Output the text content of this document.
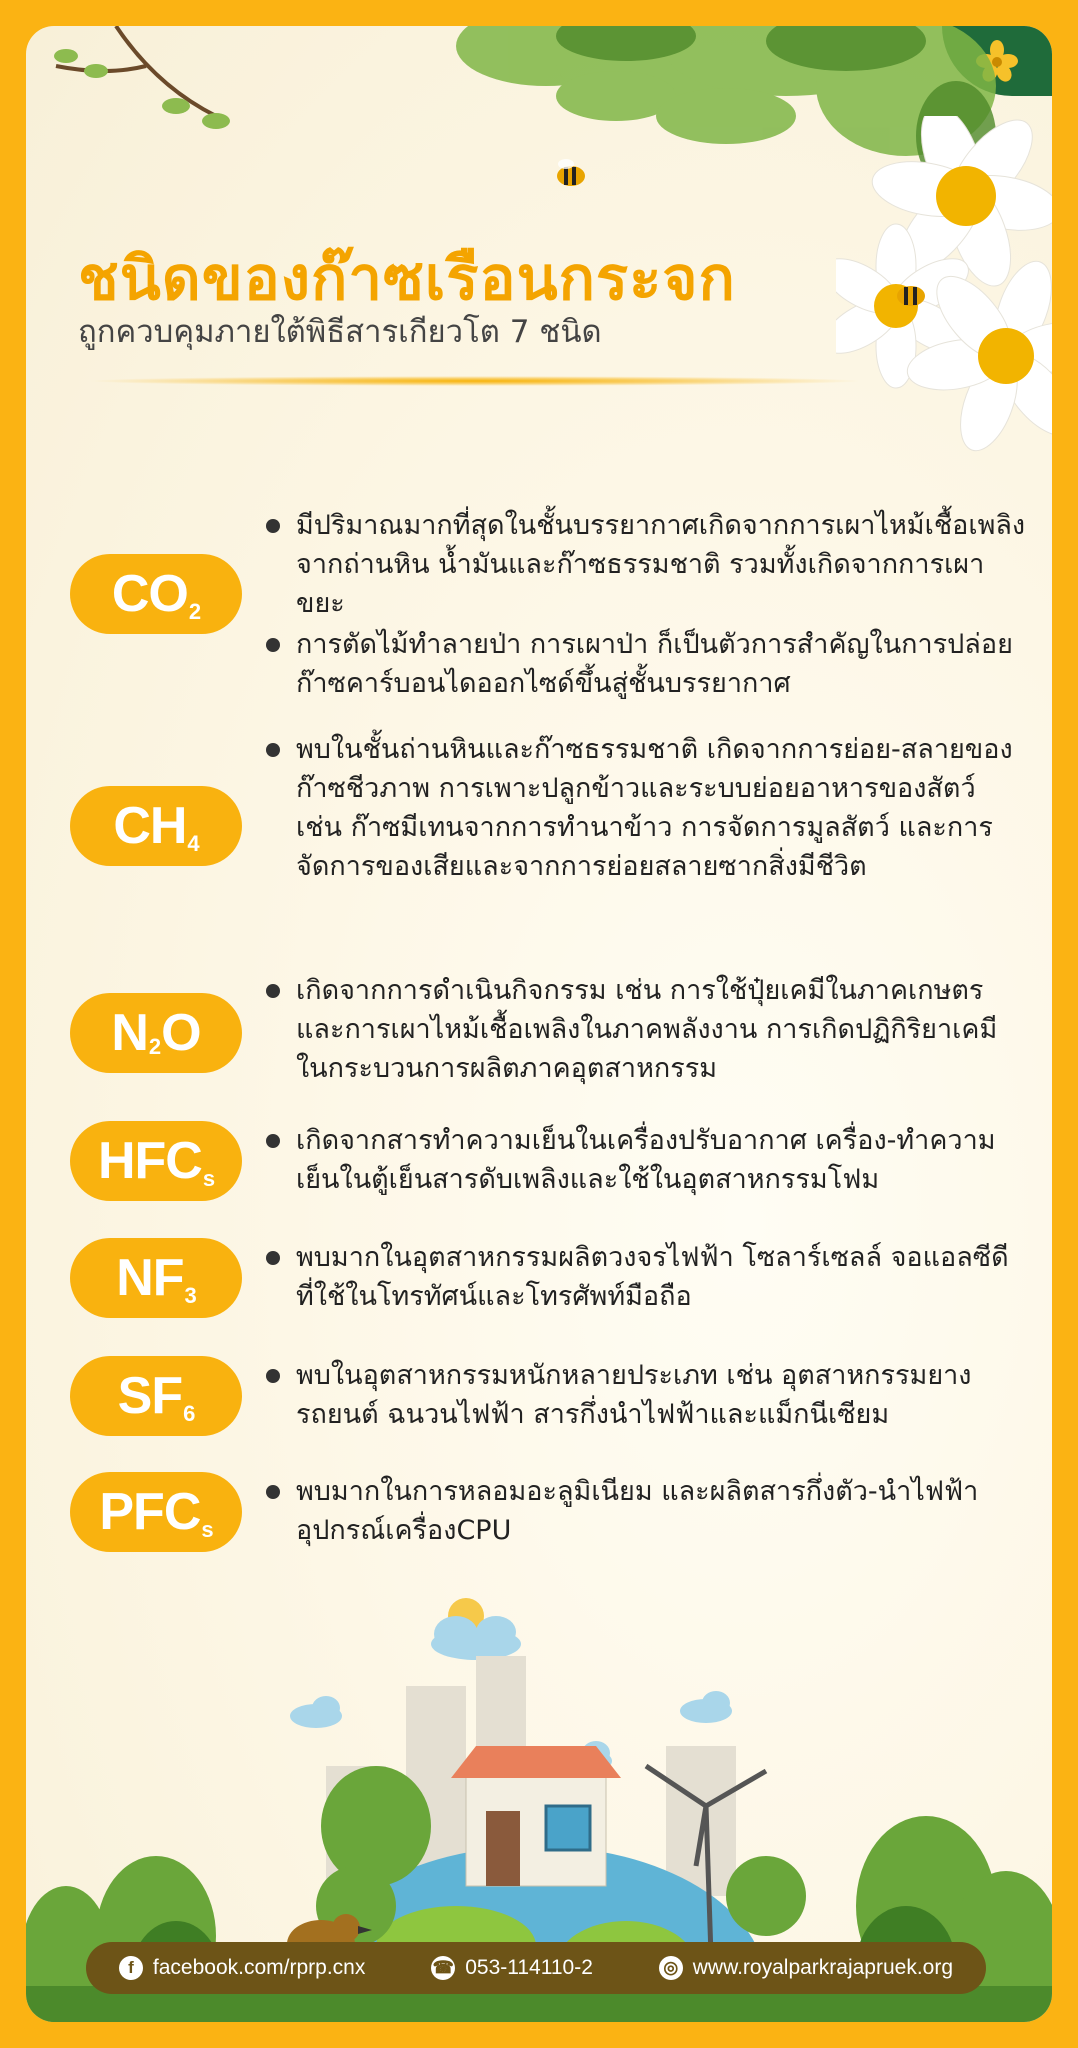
ชนิดของก๊าซเรือนกระจก

ถูกควบคุมภายใต้พิธีสารเกียวโต 7 ชนิด

CO 2
มีปริมาณมากที่สุดในชั้นบรรยากาศเกิดจากการเผาไหม้เชื้อเพลิงจากถ่านหิน น้ำมันและก๊าซธรรมชาติ รวมทั้งเกิดจากการเผาขยะ
การตัดไม้ทำลายป่า การเผาป่า ก็เป็นตัวการสำคัญในการปล่อยก๊าซคาร์บอนไดออกไซด์ขึ้นสู่ชั้นบรรยากาศ
CH 4
พบในชั้นถ่านหินและก๊าซธรรมชาติ เกิดจากการย่อย-สลายของก๊าซชีวภาพ การเพาะปลูกข้าวและระบบย่อยอาหารของสัตว์ เช่น ก๊าซมีเทนจากการทำนาข้าว การจัดการมูลสัตว์ และการจัดการของเสียและจากการย่อยสลายซากสิ่งมีชีวิต
N 2 O
เกิดจากการดำเนินกิจกรรม เช่น การใช้ปุ๋ยเคมีในภาคเกษตร และการเผาไหม้เชื้อเพลิงในภาคพลังงาน การเกิดปฏิกิริยาเคมีในกระบวนการผลิตภาคอุตสาหกรรม
HFC s
เกิดจากสารทำความเย็นในเครื่องปรับอากาศ เครื่อง-ทำความเย็นในตู้เย็นสารดับเพลิงและใช้ในอุตสาหกรรมโฟม
NF 3
พบมากในอุตสาหกรรมผลิตวงจรไฟฟ้า โซลาร์เซลล์ จอแอลซีดีที่ใช้ในโทรทัศน์และโทรศัพท์มือถือ
SF 6
พบในอุตสาหกรรมหนักหลายประเภท เช่น อุตสาหกรรมยางรถยนต์ ฉนวนไฟฟ้า สารกึ่งนำไฟฟ้าและแม็กนีเซียม
PFC s
พบมากในการหลอมอะลูมิเนียม และผลิตสารกึ่งตัว-นำไฟฟ้า อุปกรณ์เครื่องCPU
f facebook.com/rprp.cnx	☎ 053-114110-2	◎ www.royalparkrajapruek.org
